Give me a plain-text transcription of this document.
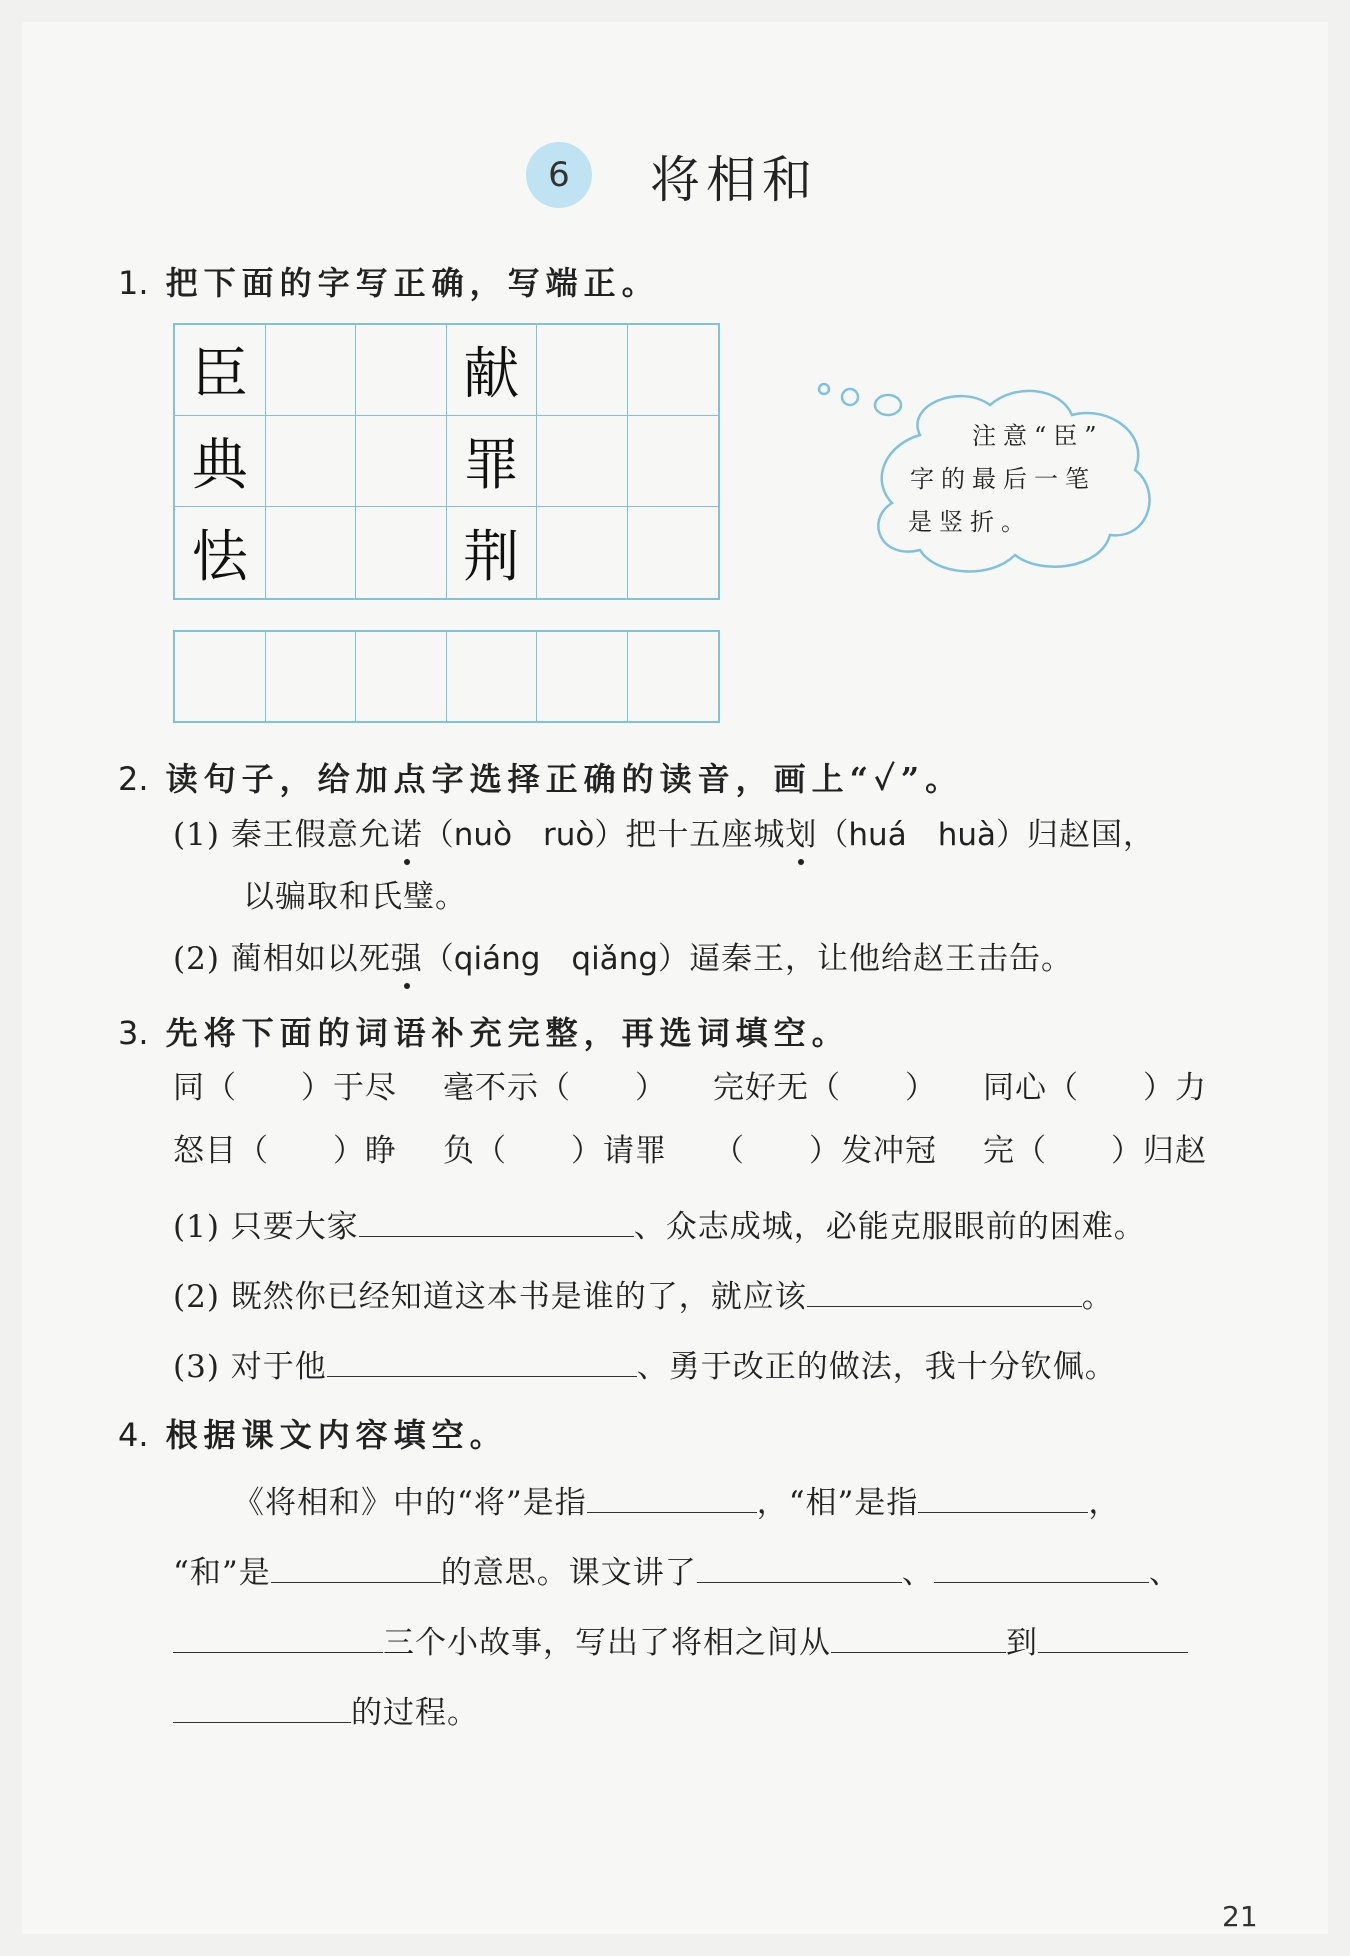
6 将相和
1. 把下面的字写正确，写端正。
臣	献
典	罪
怯	荆
注意“臣”
字的最后一笔
是竖折。
2. 读句子，给加点字选择正确的读音，画上“✓”。
(1) 秦王假意允诺（nuò　ruò）把十五座城划（huá　huà）归赵国，
以骗取和氏璧。
(2) 蔺相如以死强（qiáng　qiǎng）逼秦王，让他给赵王击缶。
3. 先将下面的词语补充完整，再选词填空。
同（　　）于尽 毫不示（　　） 完好无（　　） 同心（　　）力
怒目（　　）睁 负（　　）请罪 （　　）发冲冠 完（　　）归赵
(1) 只要大家	、众志成城，必能克服眼前的困难。
(2) 既然你已经知道这本书是谁的了，就应该	。
(3) 对于他	、勇于改正的做法，我十分钦佩。
4. 根据课文内容填空。
《将相和》中的“将”是指	，“相”是指	，
“和”是	的意思。课文讲了	、	、
三个小故事，写出了将相之间从	到
的过程。
21
